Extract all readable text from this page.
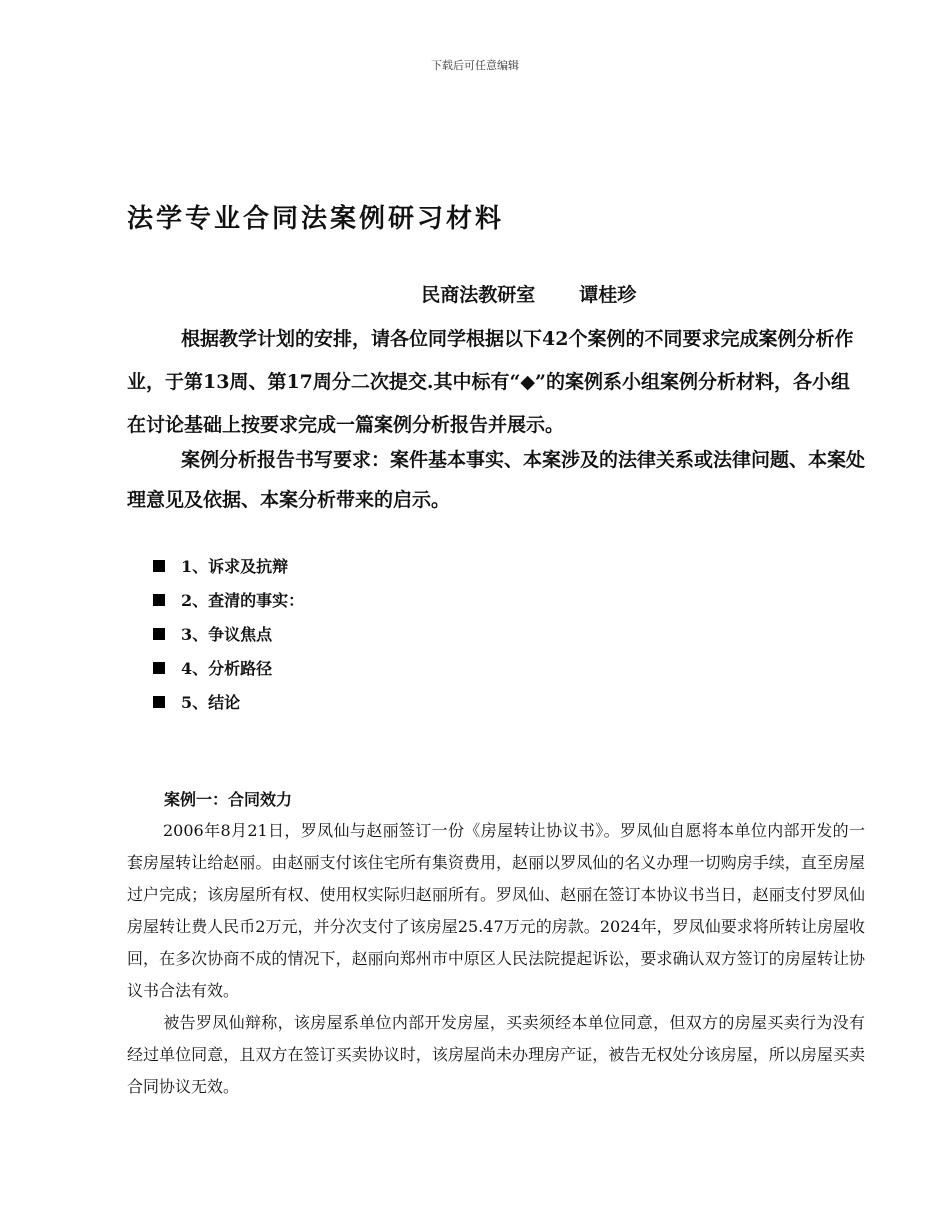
下载后可任意编辑
法学专业合同法案例研习材料

民商法教研室 谭桂珍

根据教学计划的安排，请各位同学根据以下42个案例的不同要求完成案例分析作业，于第13周、第17周分二次提交.其中标有“◆”的案例系小组案例分析材料，各小组在讨论基础上按要求完成一篇案例分析报告并展示。

案例分析报告书写要求：案件基本事实、本案涉及的法律关系或法律问题、本案处理意见及依据、本案分析带来的启示。

1、诉求及抗辩
2、查清的事实：
3、争议焦点
4、分析路径
5、结论
案例一：合同效力

2006年8月21日，罗凤仙与赵丽签订一份《房屋转让协议书》。罗凤仙自愿将本单位内部开发的一套房屋转让给赵丽。由赵丽支付该住宅所有集资费用，赵丽以罗凤仙的名义办理一切购房手续，直至房屋过户完成；该房屋所有权、使用权实际归赵丽所有。罗凤仙、赵丽在签订本协议书当日，赵丽支付罗凤仙房屋转让费人民币2万元，并分次支付了该房屋25.47万元的房款。2024年，罗凤仙要求将所转让房屋收回，在多次协商不成的情况下，赵丽向郑州市中原区人民法院提起诉讼，要求确认双方签订的房屋转让协议书合法有效。

被告罗凤仙辩称，该房屋系单位内部开发房屋，买卖须经本单位同意，但双方的房屋买卖行为没有经过单位同意，且双方在签订买卖协议时，该房屋尚未办理房产证，被告无权处分该房屋，所以房屋买卖合同协议无效。
